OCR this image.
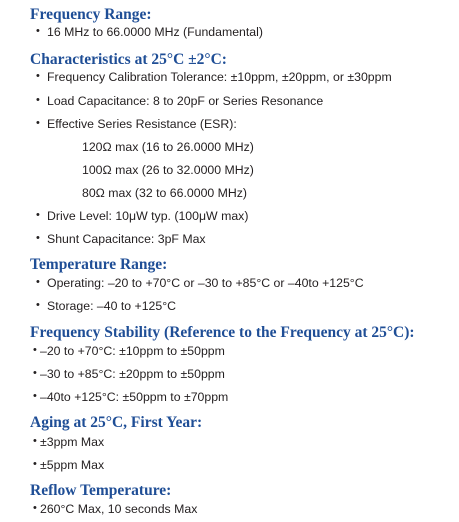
Frequency Range:
• 16 MHz to 66.0000 MHz (Fundamental)
Characteristics at 25°C ±2°C:
• Frequency Calibration Tolerance: ±10ppm, ±20ppm, or ±30ppm
• Load Capacitance: 8 to 20pF or Series Resonance
• Effective Series Resistance (ESR):
120Ω max (16 to 26.0000 MHz)
100Ω max (26 to 32.0000 MHz)
80Ω max (32 to 66.0000 MHz)
• Drive Level: 10μW typ. (100μW max)
• Shunt Capacitance: 3pF Max
Temperature Range:
• Operating: –20 to +70°C or –30 to +85°C or –40to +125°C
• Storage: –40 to +125°C
Frequency Stability (Reference to the Frequency at 25°C):
• –20 to +70°C: ±10ppm to ±50ppm
• –30 to +85°C: ±20ppm to ±50ppm
• –40to +125°C: ±50ppm to ±70ppm
Aging at 25°C, First Year:
• ±3ppm Max
• ±5ppm Max
Reflow Temperature:
• 260°C Max, 10 seconds Max
